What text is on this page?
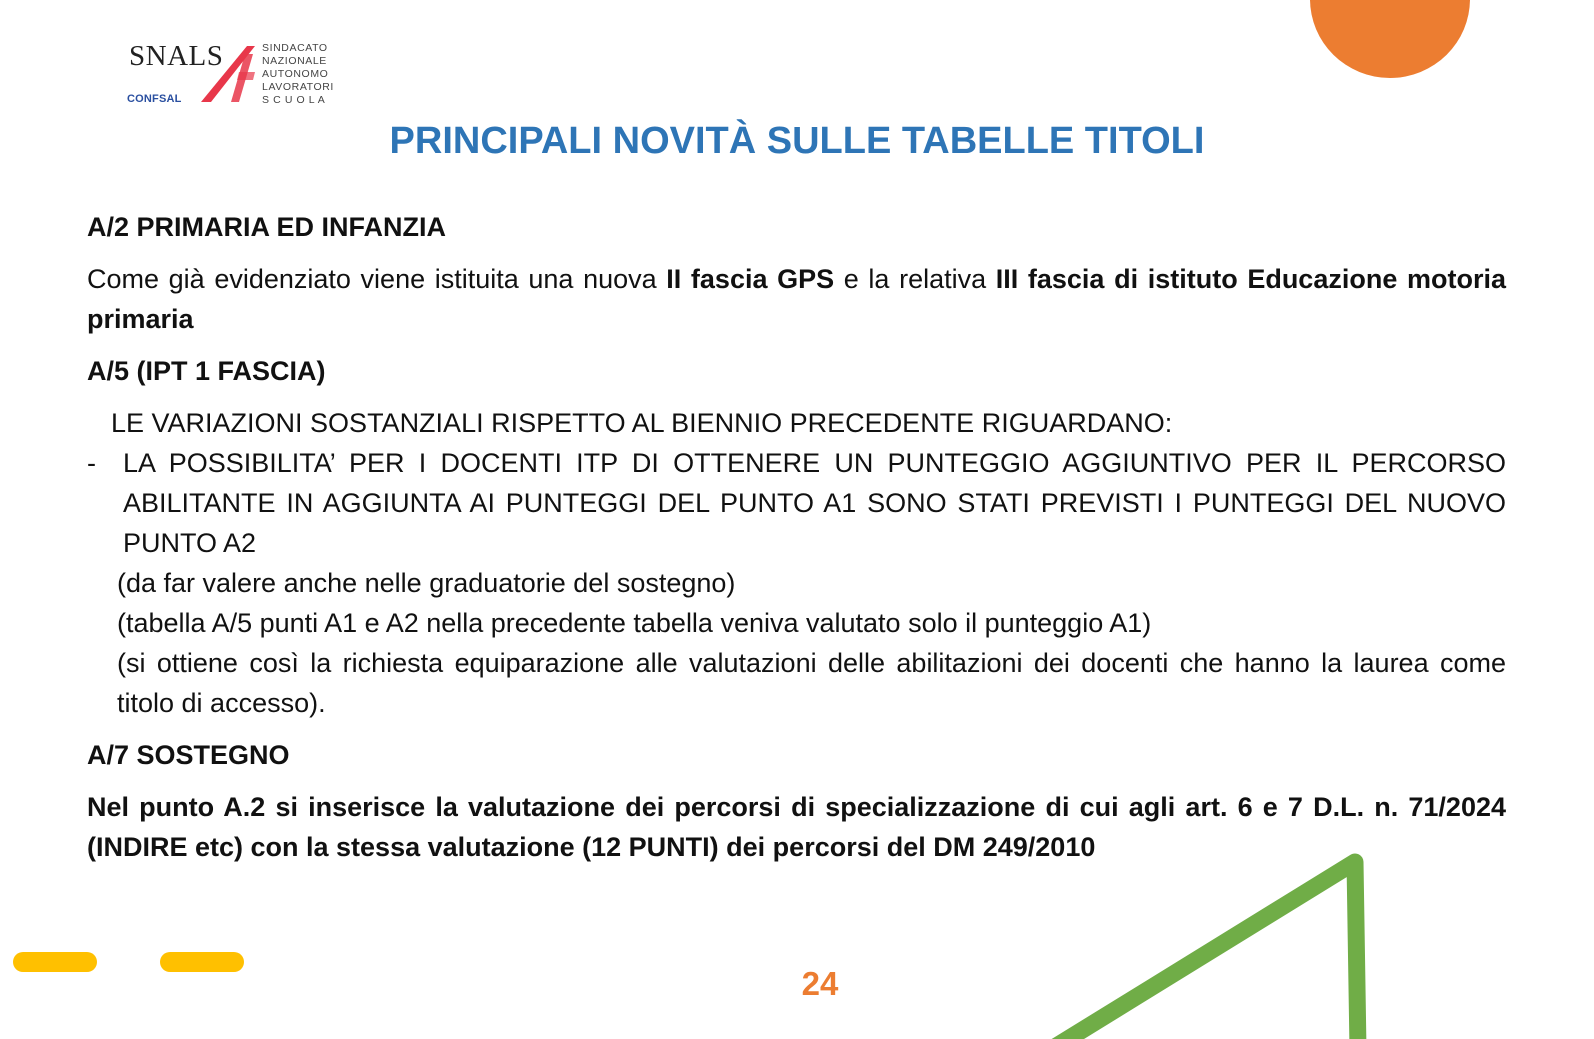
SNALS
CONFSAL
SINDACATO
NAZIONALE
AUTONOMO
LAVORATORI
S C U O L A
PRINCIPALI NOVITÀ SULLE TABELLE TITOLI

A/2 PRIMARIA ED INFANZIA

Come già evidenziato viene istituita una nuova II fascia GPS e la relativa III fascia di istituto Educazione motoria primaria

A/5 (IPT 1 FASCIA)

LE VARIAZIONI SOSTANZIALI RISPETTO AL BIENNIO PRECEDENTE RIGUARDANO:

-	LA POSSIBILITA’ PER I DOCENTI ITP DI OTTENERE UN PUNTEGGIO AGGIUNTIVO PER IL PERCORSO ABILITANTE IN AGGIUNTA AI PUNTEGGI DEL PUNTO A1 SONO STATI PREVISTI I PUNTEGGI DEL NUOVO PUNTO A2

(da far valere anche nelle graduatorie del sostegno)

(tabella A/5 punti A1 e A2 nella precedente tabella veniva valutato solo il punteggio A1)

(si ottiene così la richiesta equiparazione alle valutazioni delle abilitazioni dei docenti che hanno la laurea come titolo di accesso).

A/7 SOSTEGNO

Nel punto A.2 si inserisce la valutazione dei percorsi di specializzazione di cui agli art. 6 e 7 D.L. n. 71/2024 (INDIRE etc) con la stessa valutazione (12 PUNTI) dei percorsi del DM 249/2010

24
